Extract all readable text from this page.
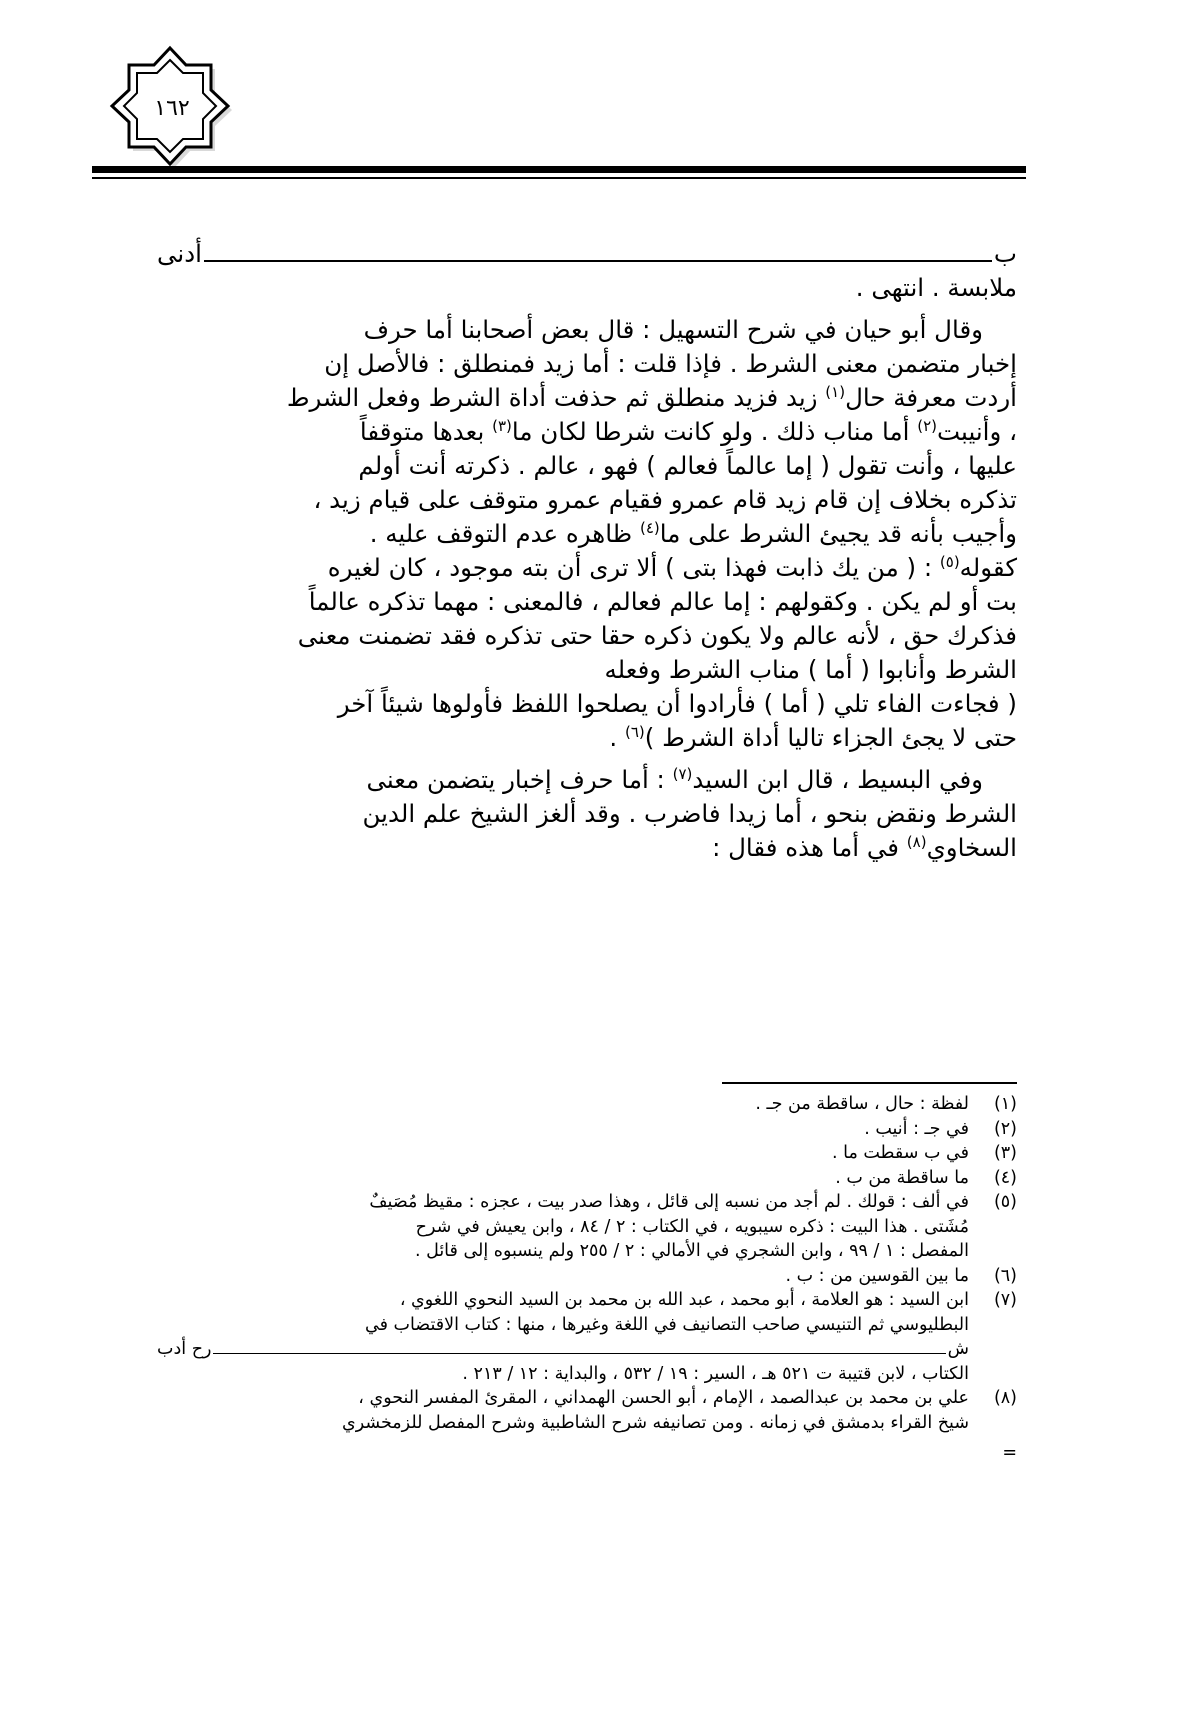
١٦٢
ب
أدنى
ملابسة . انتهى .
وقال أبو حيان في شرح التسهيل : قال بعض أصحابنا أما حرف
إخبار متضمن معنى الشرط . فإذا قلت : أما زيد فمنطلق : فالأصل إن
أردت معرفة حال$^{(١)}$ زيد فزيد منطلق ثم حذفت أداة الشرط وفعل الشرط
، وأنيبت$^{(٢)}$ أما مناب ذلك . ولو كانت شرطا لكان ما$^{(٣)}$ بعدها متوقفاً
عليها ، وأنت تقول ( إما عالماً فعالم ) فهو ، عالم . ذكرته أنت أولم
تذكره بخلاف إن قام زيد قام عمرو فقيام عمرو متوقف على قيام زيد ،
وأجيب بأنه قد يجيئ الشرط على ما$^{(٤)}$ ظاهره عدم التوقف عليه .
كقوله$^{(٥)}$ : ( من يك ذابت فهذا بتى ) ألا ترى أن بته موجود ، كان لغيره
بت أو لم يكن . وكقولهم : إما عالم فعالم ، فالمعنى : مهما تذكره عالماً
فذكرك حق ، لأنه عالم ولا يكون ذكره حقا حتى تذكره فقد تضمنت معنى
الشرط وأنابوا ( أما ) مناب الشرط وفعله
( فجاءت الفاء تلي ( أما ) فأرادوا أن يصلحوا اللفظ فأولوها شيئاً آخر
حتى لا يجئ الجزاء تاليا أداة الشرط )$^{(٦)}$ .
وفي البسيط ، قال ابن السيد$^{(٧)}$ : أما حرف إخبار يتضمن معنى
الشرط ونقض بنحو ، أما زيدا فاضرب . وقد ألغز الشيخ علم الدين
السخاوي$^{(٨)}$ في أما هذه فقال :
(١)
لفظة : حال ، ساقطة من جـ .
(٢)
في جـ : أنيب .
(٣)
في ب سقطت ما .
(٤)
ما ساقطة من ب .
(٥)
في ألف : قولك . لم أجد من نسبه إلى قائل ، وهذا صدر بيت ، عجزه : مقيظ مُصَيفٌ
مُشَتى . هذا البيت : ذكره سيبويه ، في الكتاب : ٢ / ٨٤ ، وابن يعيش في شرح
المفصل : ١ / ٩٩ ، وابن الشجري في الأمالي : ٢ / ٢٥٥ ولم ينسبوه إلى قائل .
(٦)
ما بين القوسين من : ب .
(٧)
ابن السيد : هو العلامة ، أبو محمد ، عبد الله بن محمد بن السيد النحوي اللغوي ،
البطليوسي ثم التنيسي صاحب التصانيف في اللغة وغيرها ، منها : كتاب الاقتضاب في
ش
رح أدب
الكتاب ، لابن قتيبة ت ٥٢١ هـ ، السير : ١٩ / ٥٣٢ ، والبداية : ١٢ / ٢١٣ .
(٨)
علي بن محمد بن عبدالصمد ، الإمام ، أبو الحسن الهمداني ، المقرئ المفسر النحوي ،
شيخ القراء بدمشق في زمانه . ومن تصانيفه شرح الشاطبية وشرح المفصل للزمخشري
=
